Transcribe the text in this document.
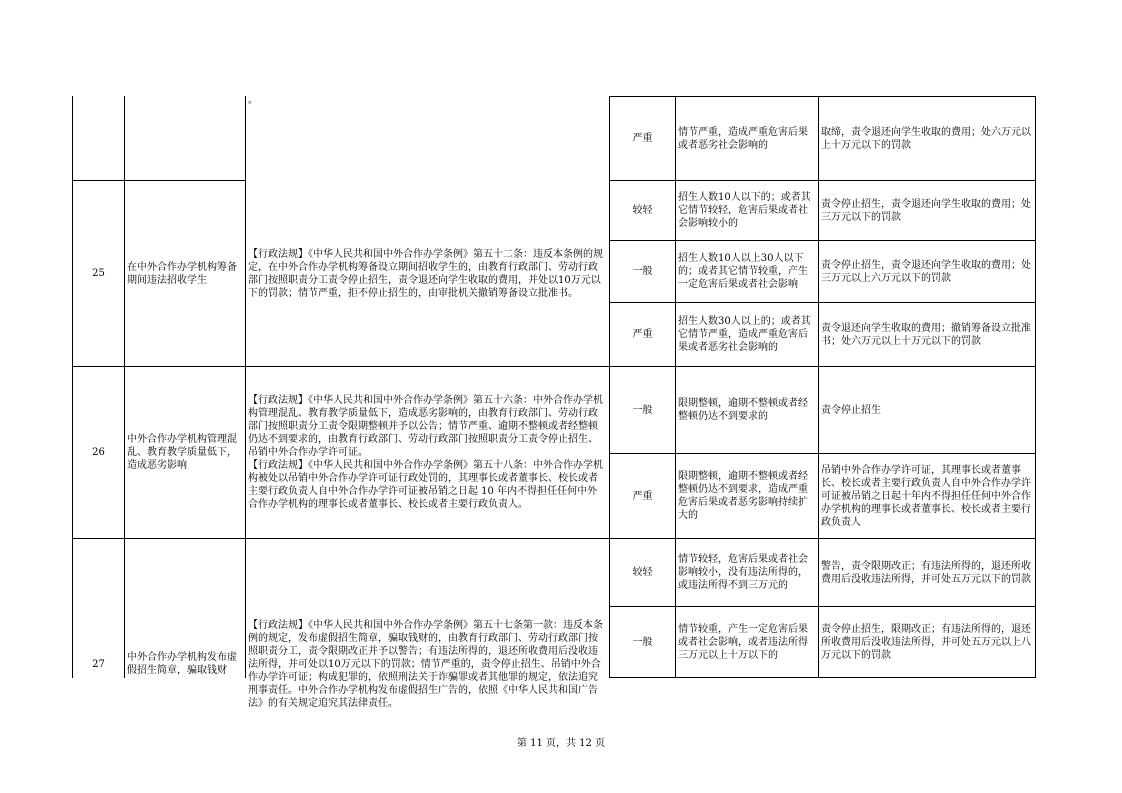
。
严重
情节严重，造成严重危害后果或者恶劣社会影响的
取缔，责令退还向学生收取的费用；处六万元以上十万元以下的罚款
25
在中外合作办学机构筹备期间违法招收学生
【行政法规】《中华人民共和国中外合作办学条例》第五十二条：违反本条例的规定，在中外合作办学机构筹备设立期间招收学生的，由教育行政部门、劳动行政部门按照职责分工责令停止招生，责令退还向学生收取的费用，并处以10万元以下的罚款；情节严重，拒不停止招生的，由审批机关撤销筹备设立批准书。
较轻
招生人数10人以下的；或者其它情节较轻，危害后果或者社会影响较小的
责令停止招生，责令退还向学生收取的费用；处三万元以下的罚款
一般
招生人数10人以上30人以下的；或者其它情节较重，产生一定危害后果或者社会影响
责令停止招生，责令退还向学生收取的费用；处三万元以上六万元以下的罚款
严重
招生人数30人以上的；或者其它情节严重，造成严重危害后果或者恶劣社会影响的
责令退还向学生收取的费用；撤销筹备设立批准书；处六万元以上十万元以下的罚款
26
中外合作办学机构管理混乱、教育教学质量低下，造成恶劣影响

【行政法规】《中华人民共和国中外合作办学条例》第五十六条：中外合作办学机构管理混乱、教育教学质量低下，造成恶劣影响的，由教育行政部门、劳动行政部门按照职责分工责令限期整顿并予以公告；情节严重、逾期不整顿或者经整顿仍达不到要求的，由教育行政部门、劳动行政部门按照职责分工责令停止招生、吊销中外合作办学许可证。

【行政法规】《中华人民共和国中外合作办学条例》第五十八条：中外合作办学机构被处以吊销中外合作办学许可证行政处罚的，其理事长或者董事长、校长或者主要行政负责人自中外合作办学许可证被吊销之日起 10 年内不得担任任何中外合作办学机构的理事长或者董事长、校长或者主要行政负责人。

一般
限期整顿，逾期不整顿或者经整顿仍达不到要求的
责令停止招生
严重
限期整顿，逾期不整顿或者经整顿仍达不到要求，造成严重危害后果或者恶劣影响持续扩大的
吊销中外合作办学许可证，其理事长或者董事长、校长或者主要行政负责人自中外合作办学许可证被吊销之日起十年内不得担任任何中外合作办学机构的理事长或者董事长、校长或者主要行政负责人
27
中外合作办学机构发布虚假招生简章，骗取钱财
【行政法规】《中华人民共和国中外合作办学条例》第五十七条第一款：违反本条例的规定，发布虚假招生简章，骗取钱财的，由教育行政部门、劳动行政部门按照职责分工，责令限期改正并予以警告；有违法所得的，退还所收费用后没收违法所得，并可处以10万元以下的罚款；情节严重的，责令停止招生、吊销中外合作办学许可证；构成犯罪的，依照刑法关于诈骗罪或者其他罪的规定，依法追究刑事责任。中外合作办学机构发布虚假招生广告的，依照《中华人民共和国广告法》的有关规定追究其法律责任。
较轻
情节较轻，危害后果或者社会影响较小，没有违法所得的，或违法所得不到三万元的
警告，责令限期改正；有违法所得的，退还所收费用后没收违法所得，并可处五万元以下的罚款
一般
情节较重，产生一定危害后果或者社会影响，或者违法所得三万元以上十万以下的
责令停止招生，限期改正；有违法所得的，退还所收费用后没收违法所得，并可处五万元以上八万元以下的罚款
第 11 页，共 12 页
